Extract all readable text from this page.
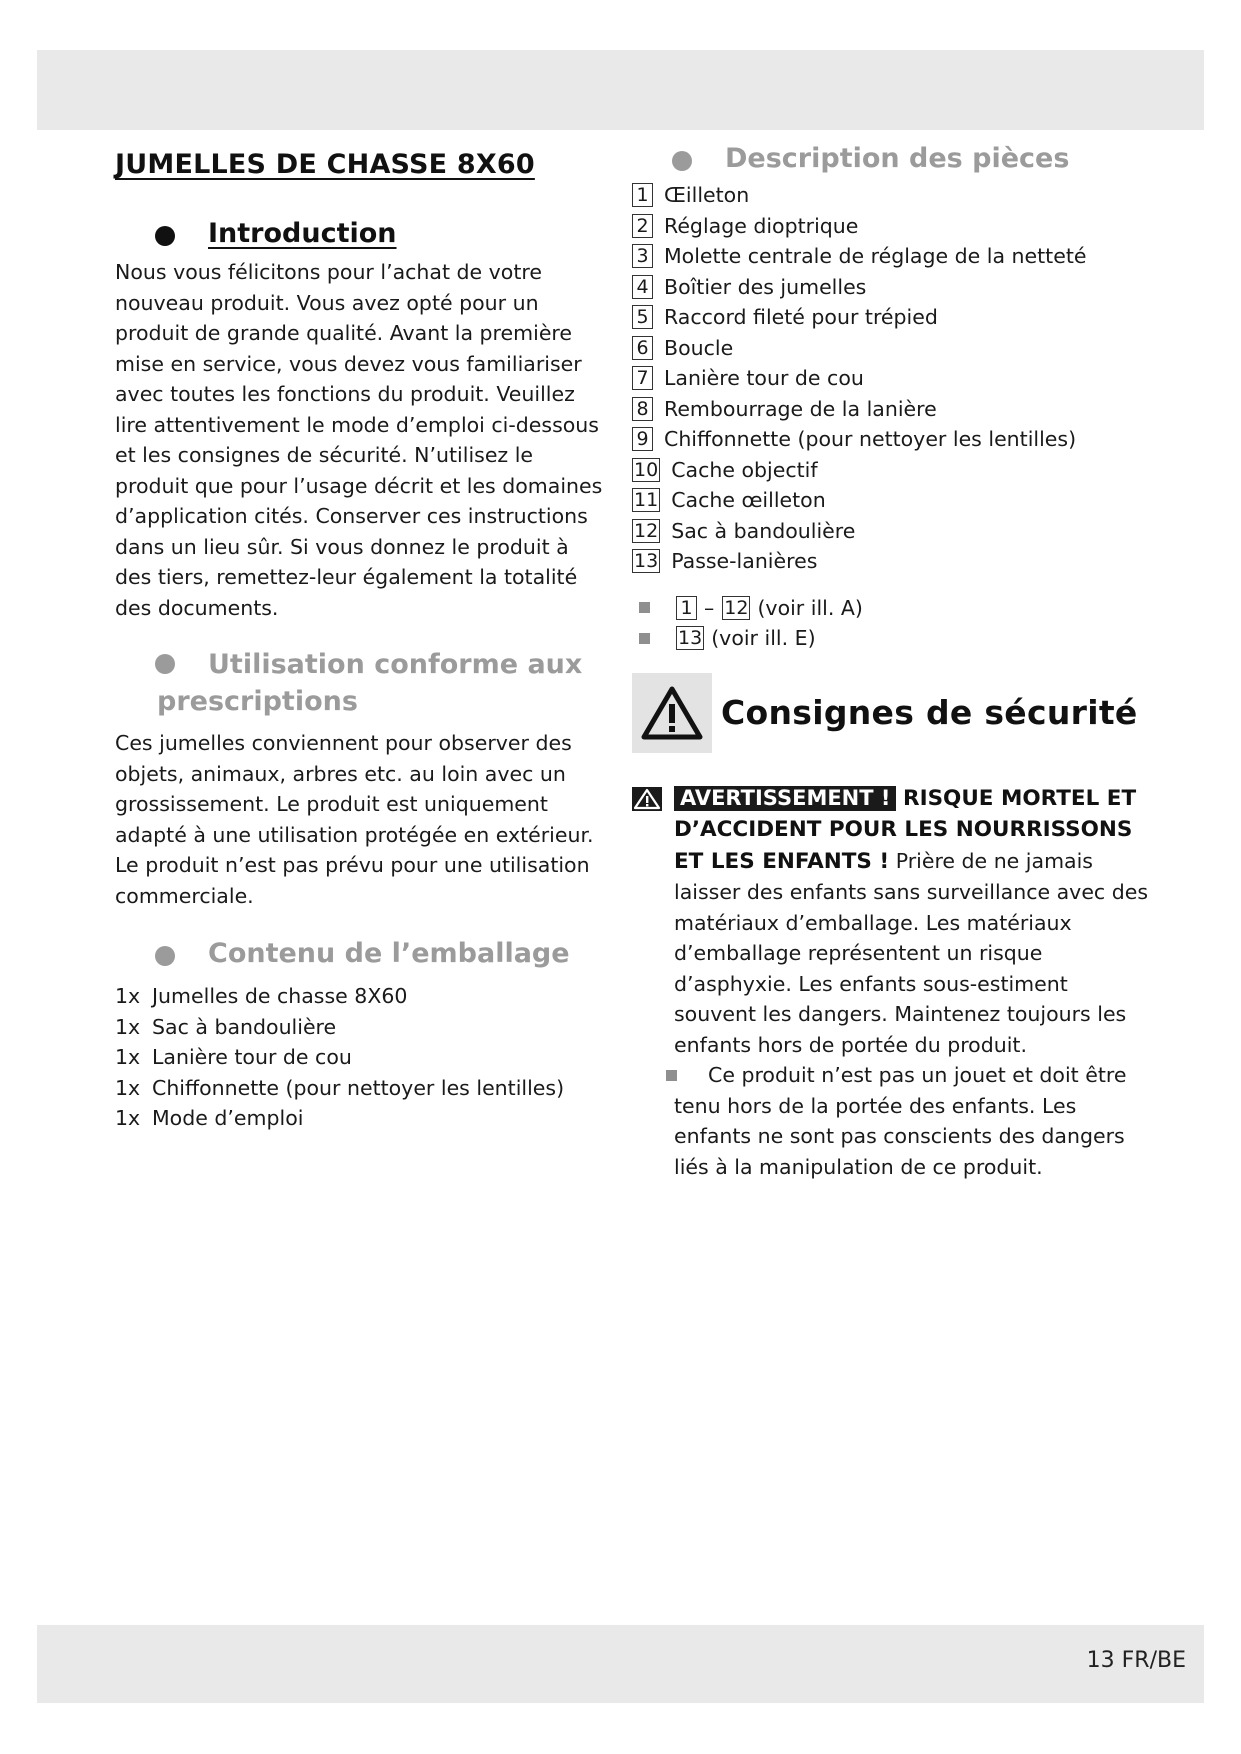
JUMELLES DE CHASSE 8X60
Introduction

Nous vous félicitons pour l’achat de votre nouveau produit. Vous avez opté pour un produit de grande qualité. Avant la première mise en service, vous devez vous familiariser avec toutes les fonctions du produit. Veuillez lire attentivement le mode d’emploi ci-dessous et les consignes de sécurité. N’utilisez le produit que pour l’usage décrit et les domaines d’application cités. Conserver ces instructions dans un lieu sûr. Si vous donnez le produit à des tiers, remettez-leur également la totalité des documents.

Utilisation conforme aux
prescriptions

Ces jumelles conviennent pour observer des objets, animaux, arbres etc. au loin avec un grossissement. Le produit est uniquement adapté à une utilisation protégée en extérieur. Le produit n’est pas prévu pour une utilisation commerciale.

Contenu de l’emballage
1x Jumelles de chasse 8X60
1x Sac à bandoulière
1x Lanière tour de cou
1x Chiffonnette (pour nettoyer les lentilles)
1x Mode d’emploi
Description des pièces
1 Œilleton
2 Réglage dioptrique
3 Molette centrale de réglage de la netteté
4 Boîtier des jumelles
5 Raccord fileté pour trépied
6 Boucle
7 Lanière tour de cou
8 Rembourrage de la lanière
9 Chiffonnette (pour nettoyer les lentilles)
10 Cache objectif
11 Cache œilleton
12 Sac à bandoulière
13 Passe-lanières
1 – 12 (voir ill. A)
13 (voir ill. E)
Consignes de sécurité
AVERTISSEMENT ! RISQUE MORTEL ET D’ACCIDENT POUR LES NOURRISSONS ET LES ENFANTS ! Prière de ne jamais laisser des enfants sans surveillance avec des matériaux d’emballage. Les matériaux d’emballage représentent un risque d’asphyxie. Les enfants sous-estiment souvent les dangers. Maintenez toujours les enfants hors de portée du produit.
Ce produit n’est pas un jouet et doit être tenu hors de la portée des enfants. Les enfants ne sont pas conscients des dangers liés à la manipulation de ce produit.
13 FR/BE
